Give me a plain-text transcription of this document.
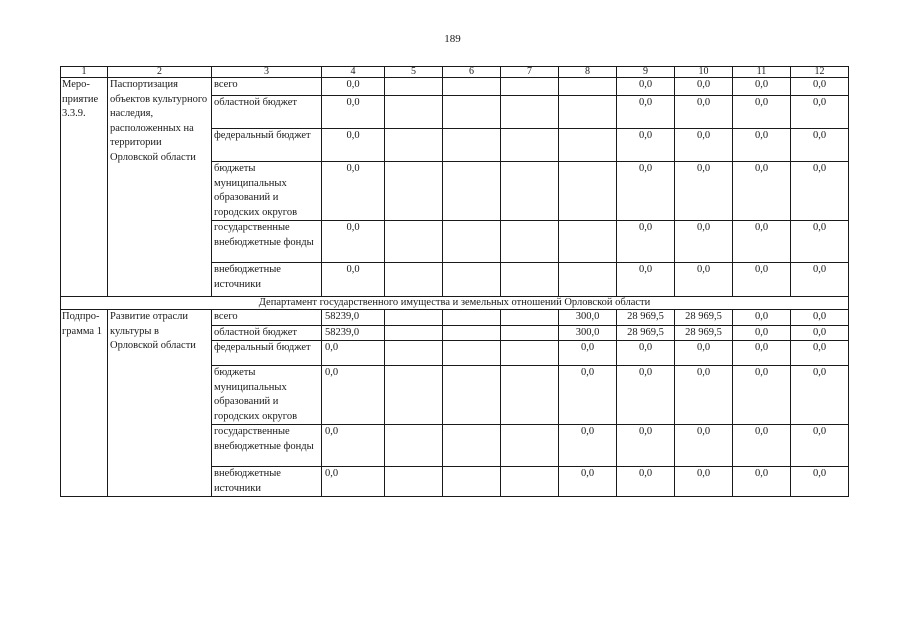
189
1	2	3	4	5	6	7	8	9	10	11	12
Меро-приятие 3.3.9.	Паспортизация объектов культурного наследия, расположенных на территории Орловской области	всего	0,0					0,0	0,0	0,0	0,0
		областной бюджет	0,0					0,0	0,0	0,0	0,0
		федеральный бюджет	0,0					0,0	0,0	0,0	0,0
		бюджеты муниципальных образований и городских округов	0,0					0,0	0,0	0,0	0,0
		государственные внебюджетные фонды	0,0					0,0	0,0	0,0	0,0
		внебюджетные источники	0,0					0,0	0,0	0,0	0,0
Департамент государственного имущества и земельных отношений Орловской области											
Подпро-грамма 1	Развитие отрасли культуры в Орловской области	всего	58239,0				300,0	28 969,5	28 969,5	0,0	0,0
		областной бюджет	58239,0				300,0	28 969,5	28 969,5	0,0	0,0
		федеральный бюджет	0,0				0,0	0,0	0,0	0,0	0,0
		бюджеты муниципальных образований и городских округов	0,0				0,0	0,0	0,0	0,0	0,0
		государственные внебюджетные фонды	0,0				0,0	0,0	0,0	0,0	0,0
		внебюджетные источники	0,0				0,0	0,0	0,0	0,0	0,0
